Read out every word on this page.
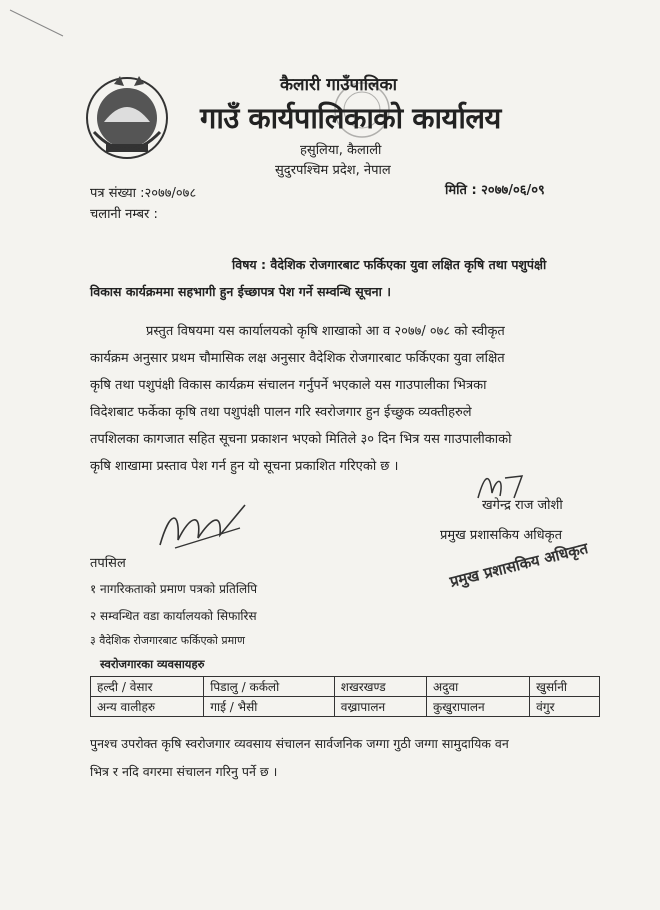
कैलारी गाउँपालिका
गाउँ कार्यपालिकाको कार्यालय
हसुलिया, कैलाली
सुदुरपश्चिम प्रदेश, नेपाल
पत्र संख्या :२०७७/०७८
चलानी नम्बर :
मिति : २०७७/०६/०९
विषय : वैदेशिक रोजगारबाट फर्किएका युवा लक्षित कृषि तथा पशुपंक्षी
विकास कार्यक्रममा सहभागी हुन ईच्छापत्र पेश गर्ने सम्वन्धि सूचना ।
प्रस्तुत विषयमा यस कार्यालयको कृषि शाखाको आ व २०७७/ ०७८ को स्वीकृत
कार्यक्रम अनुसार प्रथम चौमासिक लक्ष अनुसार वैदेशिक रोजगारबाट फर्किएका युवा लक्षित
कृषि तथा पशुपंक्षी विकास कार्यक्रम संचालन गर्नुपर्ने भएकाले यस गाउपालीका भित्रका
विदेशबाट फर्केका कृषि तथा पशुपंक्षी पालन गरि स्वरोजगार हुन ईच्छुक व्यक्तीहरुले
तपशिलका कागजात सहित सूचना प्रकाशन भएको मितिले ३० दिन भित्र यस गाउपालीकाको
कृषि शाखामा प्रस्ताव पेश गर्न हुन यो सूचना प्रकाशित गरिएको छ ।
खगेन्द्र राज जोशी
प्रमुख प्रशासकिय अधिकृत
प्रमुख प्रशासकिय अधिकृत
तपसिल
१ नागरिकताको प्रमाण पत्रको प्रतिलिपि
२ सम्वन्धित वडा कार्यालयको सिफारिस
३ वैदेशिक रोजगारबाट फर्किएको प्रमाण
स्वरोजगारका व्यवसायहरु
हल्दी / वेसार	पिडालु / कर्कलो	शखरखण्ड	अदुवा	खुर्सानी
अन्य वालीहरु	गाई / भैसी	वख्रापालन	कुखुरापालन	वंगुर
पुनश्च उपरोक्त कृषि स्वरोजगार व्यवसाय संचालन सार्वजनिक जग्गा गुठी जग्गा सामुदायिक वन
भित्र र नदि वगरमा संचालन गरिनु पर्ने छ ।
